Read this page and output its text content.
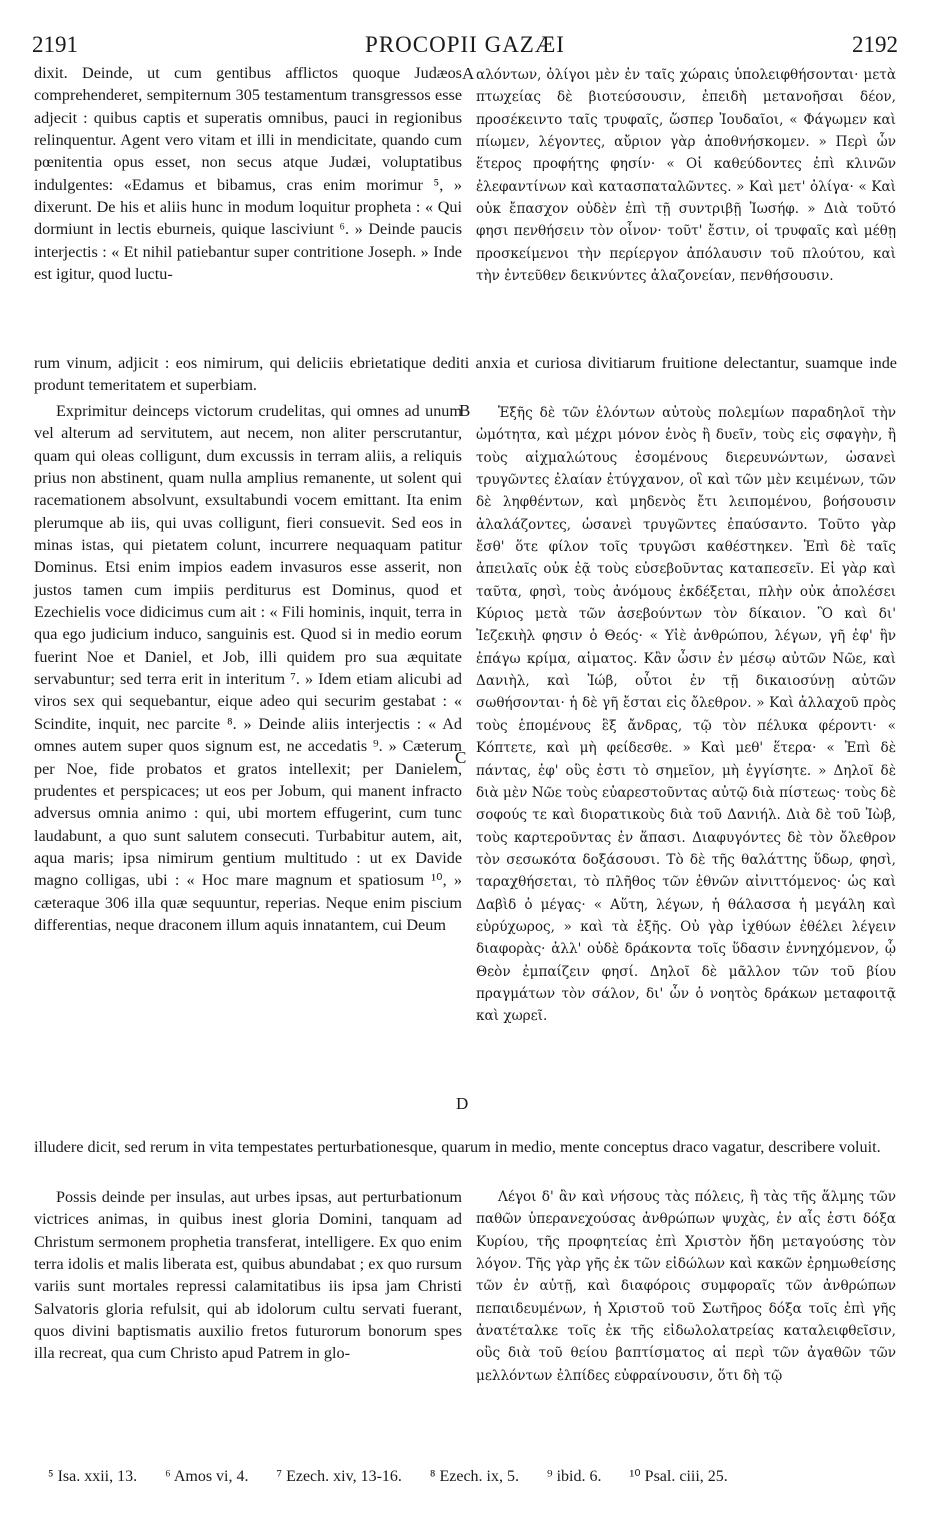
2191	PROCOPII GAZÆI	2192

dixit. Deinde, ut cum gentibus afflictos quoque Judæos comprehenderet, sempiternum 305 testamentum transgressos esse adjecit : quibus captis et superatis omnibus, pauci in regionibus relinquentur. Agent vero vitam et illi in mendicitate, quando cum pœnitentia opus esset, non secus atque Judæi, voluptatibus indulgentes: «Edamus et bibamus, cras enim morimur ⁵, » dixerunt. De his et aliis hunc in modum loquitur propheta : « Qui dormiunt in lectis eburneis, quique lasciviunt ⁶. » Deinde paucis interjectis : « Et nihil patiebantur super contritione Joseph. » Inde est igitur, quod luctu-

A αλόντων, ὀλίγοι μὲν ἐν ταῖς χώραις ὑπολειφθήσονται· μετὰ πτωχείας δὲ βιοτεύσουσιν, ἐπειδὴ μετανοῆσαι δέον, προσέκειντο ταῖς τρυφαῖς, ὥσπερ Ἰουδαῖοι, « Φάγωμεν καὶ πίωμεν, λέγοντες, αὔριον γὰρ ἀποθνήσκομεν. » Περὶ ὧν ἕτερος προφήτης φησίν· « Οἱ καθεύδοντες ἐπὶ κλινῶν ἐλεφαντίνων καὶ κατασπαταλῶντες. » Καὶ μετ' ὀλίγα· « Καὶ οὐκ ἔπασχον οὐδὲν ἐπὶ τῇ συντριβῇ Ἰωσήφ. » Διὰ τοῦτό φησι πενθήσειν τὸν οἶνον· τοῦτ' ἔστιν, οἱ τρυφαῖς καὶ μέθῃ προσκείμενοι τὴν περίεργον ἀπόλαυσιν τοῦ πλούτου, καὶ τὴν ἐντεῦθεν δεικνύντες ἀλαζονείαν, πενθήσουσιν.

rum vinum, adjicit : eos nimirum, qui deliciis ebrietatique dediti anxia et curiosa divitiarum fruitione delectantur, suamque inde produnt temeritatem et superbiam.

Exprimitur deinceps victorum crudelitas, qui omnes ad unum vel alterum ad servitutem, aut necem, non aliter perscrutantur, quam qui oleas colligunt, dum excussis in terram aliis, a reliquis prius non abstinent, quam nulla amplius remanente, ut solent qui racemationem absolvunt, exsultabundi vocem emittant. Ita enim plerumque ab iis, qui uvas colligunt, fieri consuevit. Sed eos in minas istas, qui pietatem colunt, incurrere nequaquam patitur Dominus. Etsi enim impios eadem invasuros esse asserit, non justos tamen cum impiis perditurus est Dominus, quod et Ezechielis voce didicimus cum ait : « Fili hominis, inquit, terra in qua ego judicium induco, sanguinis est. Quod si in medio eorum fuerint Noe et Daniel, et Job, illi quidem pro sua æquitate servabuntur; sed terra erit in interitum ⁷. » Idem etiam alicubi ad viros sex qui sequebantur, eique adeo qui securim gestabat : « Scindite, inquit, nec parcite ⁸. » Deinde aliis interjectis : « Ad omnes autem super quos signum est, ne accedatis ⁹. » Cæterum per Noe, fide probatos et gratos intellexit; per Danielem, prudentes et perspicaces; ut eos per Jobum, qui manent infracto adversus omnia animo : qui, ubi mortem effugerint, cum tunc laudabunt, a quo sunt salutem consecuti. Turbabitur autem, ait, aqua maris; ipsa nimirum gentium multitudo : ut ex Davide magno colligas, ubi : « Hoc mare magnum et spatiosum ¹⁰, » cæteraque 306 illa quæ sequuntur, reperias. Neque enim piscium differentias, neque draconem illum aquis innatantem, cui Deum

B
C

Ἑξῆς δὲ τῶν ἑλόντων αὐτοὺς πολεμίων παραδηλοῖ τὴν ὠμότητα, καὶ μέχρι μόνον ἑνὸς ἢ δυεῖν, τοὺς εἰς σφαγὴν, ἢ τοὺς αἰχμαλώτους ἐσομένους διερευνώντων, ὡσανεὶ τρυγῶντες ἐλαίαν ἐτύγχανον, οἳ καὶ τῶν μὲν κειμένων, τῶν δὲ ληφθέντων, καὶ μηδενὸς ἔτι λειπομένου, βοήσουσιν ἀλαλάζοντες, ὡσανεὶ τρυγῶντες ἐπαύσαντο. Τοῦτο γὰρ ἔσθ' ὅτε φίλον τοῖς τρυγῶσι καθέστηκεν. Ἐπὶ δὲ ταῖς ἀπειλαῖς οὐκ ἐᾷ τοὺς εὐσεβοῦντας καταπεσεῖν. Εἰ γὰρ καὶ ταῦτα, φησὶ, τοὺς ἀνόμους ἐκδέξεται, πλὴν οὐκ ἀπολέσει Κύριος μετὰ τῶν ἀσεβούντων τὸν δίκαιον. Ὃ καὶ δι' Ἰεζεκιὴλ φησιν ὁ Θεός· « Υἱὲ ἀνθρώπου, λέγων, γῆ ἐφ' ἣν ἐπάγω κρίμα, αἱματος. Κἂν ὦσιν ἐν μέσῳ αὐτῶν Νῶε, καὶ Δανιὴλ, καὶ Ἰώβ, οὗτοι ἐν τῇ δικαιοσύνῃ αὐτῶν σωθήσονται· ἡ δὲ γῆ ἔσται εἰς ὄλεθρον. » Καὶ ἀλλαχοῦ πρὸς τοὺς ἑπομένους ἓξ ἄνδρας, τῷ τὸν πέλυκα φέροντι· « Κόπτετε, καὶ μὴ φείδεσθε. » Καὶ μεθ' ἕτερα· « Ἐπὶ δὲ πάντας, ἐφ' οὓς ἐστι τὸ σημεῖον, μὴ ἐγγίσητε. » Δηλοῖ δὲ διὰ μὲν Νῶε τοὺς εὐαρεστοῦντας αὐτῷ διὰ πίστεως· τοὺς δὲ σοφούς τε καὶ διορατικοὺς διὰ τοῦ Δανιήλ. Διὰ δὲ τοῦ Ἰὼβ, τοὺς καρτεροῦντας ἐν ἅπασι. Διαφυγόντες δὲ τὸν ὄλεθρον τὸν σεσωκότα δοξάσουσι. Τὸ δὲ τῆς θαλάττης ὕδωρ, φησὶ, ταραχθήσεται, τὸ πλῆθος τῶν ἐθνῶν αἰνιττόμενος· ὡς καὶ Δαβὶδ ὁ μέγας· « Αὕτη, λέγων, ἡ θάλασσα ἡ μεγάλη καὶ εὐρύχωρος, » καὶ τὰ ἑξῆς. Οὐ γὰρ ἰχθύων ἐθέλει λέγειν διαφορὰς· ἀλλ' οὐδὲ δράκοντα τοῖς ὕδασιν ἐννηχόμενον, ᾧ Θεὸν ἐμπαίζειν φησί. Δηλοῖ δὲ μᾶλλον τῶν τοῦ βίου πραγμάτων τὸν σάλον, δι' ὧν ὁ νοητὸς δράκων μεταφοιτᾷ καὶ χωρεῖ.

D

illudere dicit, sed rerum in vita tempestates perturbationesque, quarum in medio, mente conceptus draco vagatur, describere voluit.

Possis deinde per insulas, aut urbes ipsas, aut perturbationum victrices animas, in quibus inest gloria Domini, tanquam ad Christum sermonem prophetia transferat, intelligere. Ex quo enim terra idolis et malis liberata est, quibus abundabat ; ex quo rursum variis sunt mortales repressi calamitatibus iis ipsa jam Christi Salvatoris gloria refulsit, qui ab idolorum cultu servati fuerant, quos divini baptismatis auxilio fretos futurorum bonorum spes illa recreat, qua cum Christo apud Patrem in glo-

Λέγοι δ' ἂν καὶ νήσους τὰς πόλεις, ἢ τὰς τῆς ἅλμης τῶν παθῶν ὑπερανεχούσας ἀνθρώπων ψυχὰς, ἐν αἷς ἐστι δόξα Κυρίου, τῆς προφητείας ἐπὶ Χριστὸν ἤδη μεταγούσης τὸν λόγον. Τῆς γὰρ γῆς ἐκ τῶν εἰδώλων καὶ κακῶν ἐρημωθείσης τῶν ἐν αὐτῇ, καὶ διαφόροις συμφοραῖς τῶν ἀνθρώπων πεπαιδευμένων, ἡ Χριστοῦ τοῦ Σωτῆρος δόξα τοῖς ἐπὶ γῆς ἀνατέταλκε τοῖς ἐκ τῆς εἰδωλολατρείας καταλειφθεῖσιν, οὓς διὰ τοῦ θείου βαπτίσματος αἱ περὶ τῶν ἀγαθῶν τῶν μελλόντων ἐλπίδες εὐφραίνουσιν, ὅτι δὴ τῷ

⁵ Isa. xxii, 13. ⁶ Amos vi, 4. ⁷ Ezech. xiv, 13-16. ⁸ Ezech. ix, 5. ⁹ ibid. 6. ¹⁰ Psal. ciii, 25.
